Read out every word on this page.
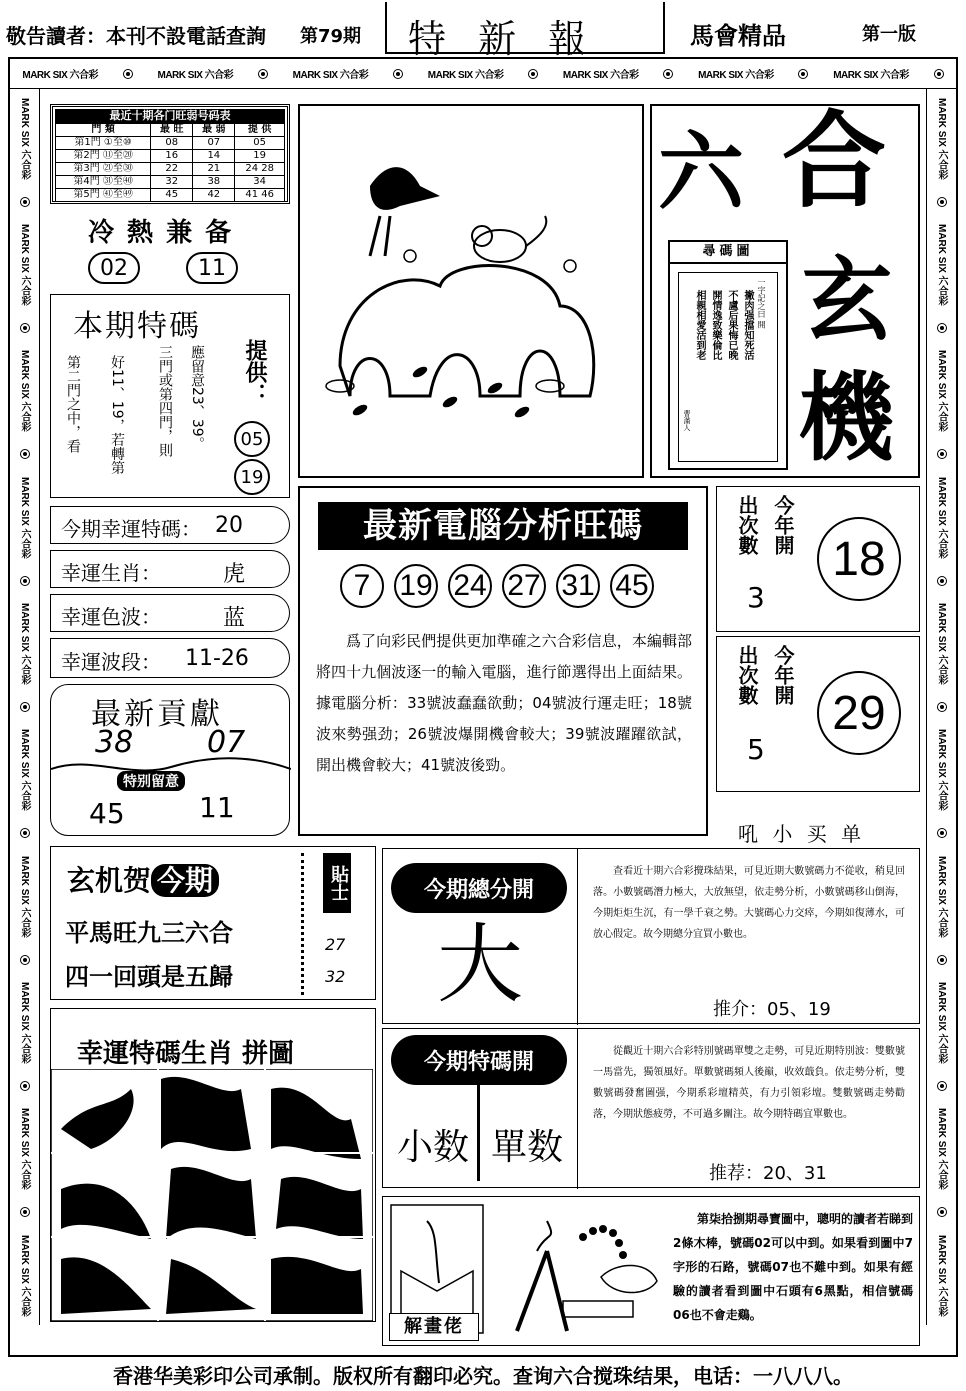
敬告讀者：本刊不設電話查詢 第79期 特 新 報	馬會精品	第一版
MARK SIX 六合彩	MARK SIX 六合彩	MARK SIX 六合彩	MARK SIX 六合彩	MARK SIX 六合彩	MARK SIX 六合彩	MARK SIX 六合彩
MARK SIX 六合彩
MARK SIX 六合彩
MARK SIX 六合彩
MARK SIX 六合彩
MARK SIX 六合彩
MARK SIX 六合彩
MARK SIX 六合彩
MARK SIX 六合彩
MARK SIX 六合彩
MARK SIX 六合彩
MARK SIX 六合彩
MARK SIX 六合彩
MARK SIX 六合彩
MARK SIX 六合彩
MARK SIX 六合彩
MARK SIX 六合彩
MARK SIX 六合彩
MARK SIX 六合彩
MARK SIX 六合彩
MARK SIX 六合彩
最近十期各门旺弱号码表
門 類	最 旺	最 弱	提 供
第1門 ①至⑩	08	07	05
第2門 ⑪至⑳	16	14	19
第3門 ㉑至㉚	22	21	24 28
第4門 ㉛至㊵	32	38	34
第5門 ㊶至㊾	45	42	41 46
冷 熱 兼 备
02	11
本期特碼
應留意23、39。
三門或第四門，則
好11、19，若轉第
第二門之中，看	提供：
05
19
今期幸運特碼： 20
幸運生肖：	虎
幸運色波：	蓝
幸運波段： 11-26
最新貢獻
38 07
特别留意
45	11
玄机贺 今期
平馬旺九三六合
四一回頭是五歸
貼士
27
32
幸運特碼生肖 拼圖
六 合
玄
機
尋碼圖
一字記之曰 開
撇肉强擋知死活
不盧后果悔已晚
開情逸致樂倫比
相親相愛活到老
曹滿人
最新電腦分析旺碼
7 19 24 27 31 45
爲了向彩民們提供更加準確之六合彩信息，本編輯部將四十九個波逐一的輸入電腦，進行節選得出上面結果。據電腦分析：33號波蠢蠢欲動；04號波行運走旺；18號波來勢强劲；26號波爆開機會較大；39號波躍躍欲試，開出機會較大；41號波後勁。
今年開
出次數
3
18
今年開
出次數
5
29
吼 小 买 单
今期總分開
大
查看近十期六合彩攪珠結果，可見近期大數號碼力不從收，稍見回落。小數號碼潛力極大，大放無望，依走勢分析，小數號碼移山倒海，今期炬炬生沉，有一學千衰之勢。大號碼心力交瘁，今期如復薄水，可放心假定。故今期總分宜買小數也。
推介：05、19
今期特碼開
小数 單数
從觀近十期六合彩特別號碼單雙之走勢，可見近期特別波：雙數號一馬當先，獨領風好。單數號碼頻人後巔，收效蕺負。依走勢分析，雙數號碼發奮圖强，今期系彩壇精英，有力引領彩壇。雙數號碼走勢勸落，今期狀態疲勞，不可過多關注。故今期特碼宜單數也。
推荐：20、31
解畫佬
第柒拾捌期尋寶圖中，聰明的讀者若睇到2條木棒，號碼02可以中到。如果看到圖中7字形的石路，號碼07也不難中到。如果有經驗的讀者看到圖中石頭有6黑點，相信號碼06也不會走鷄。
香港华美彩印公司承制。版权所有翻印必究。查询六合搅珠结果，电话：一八八八。
